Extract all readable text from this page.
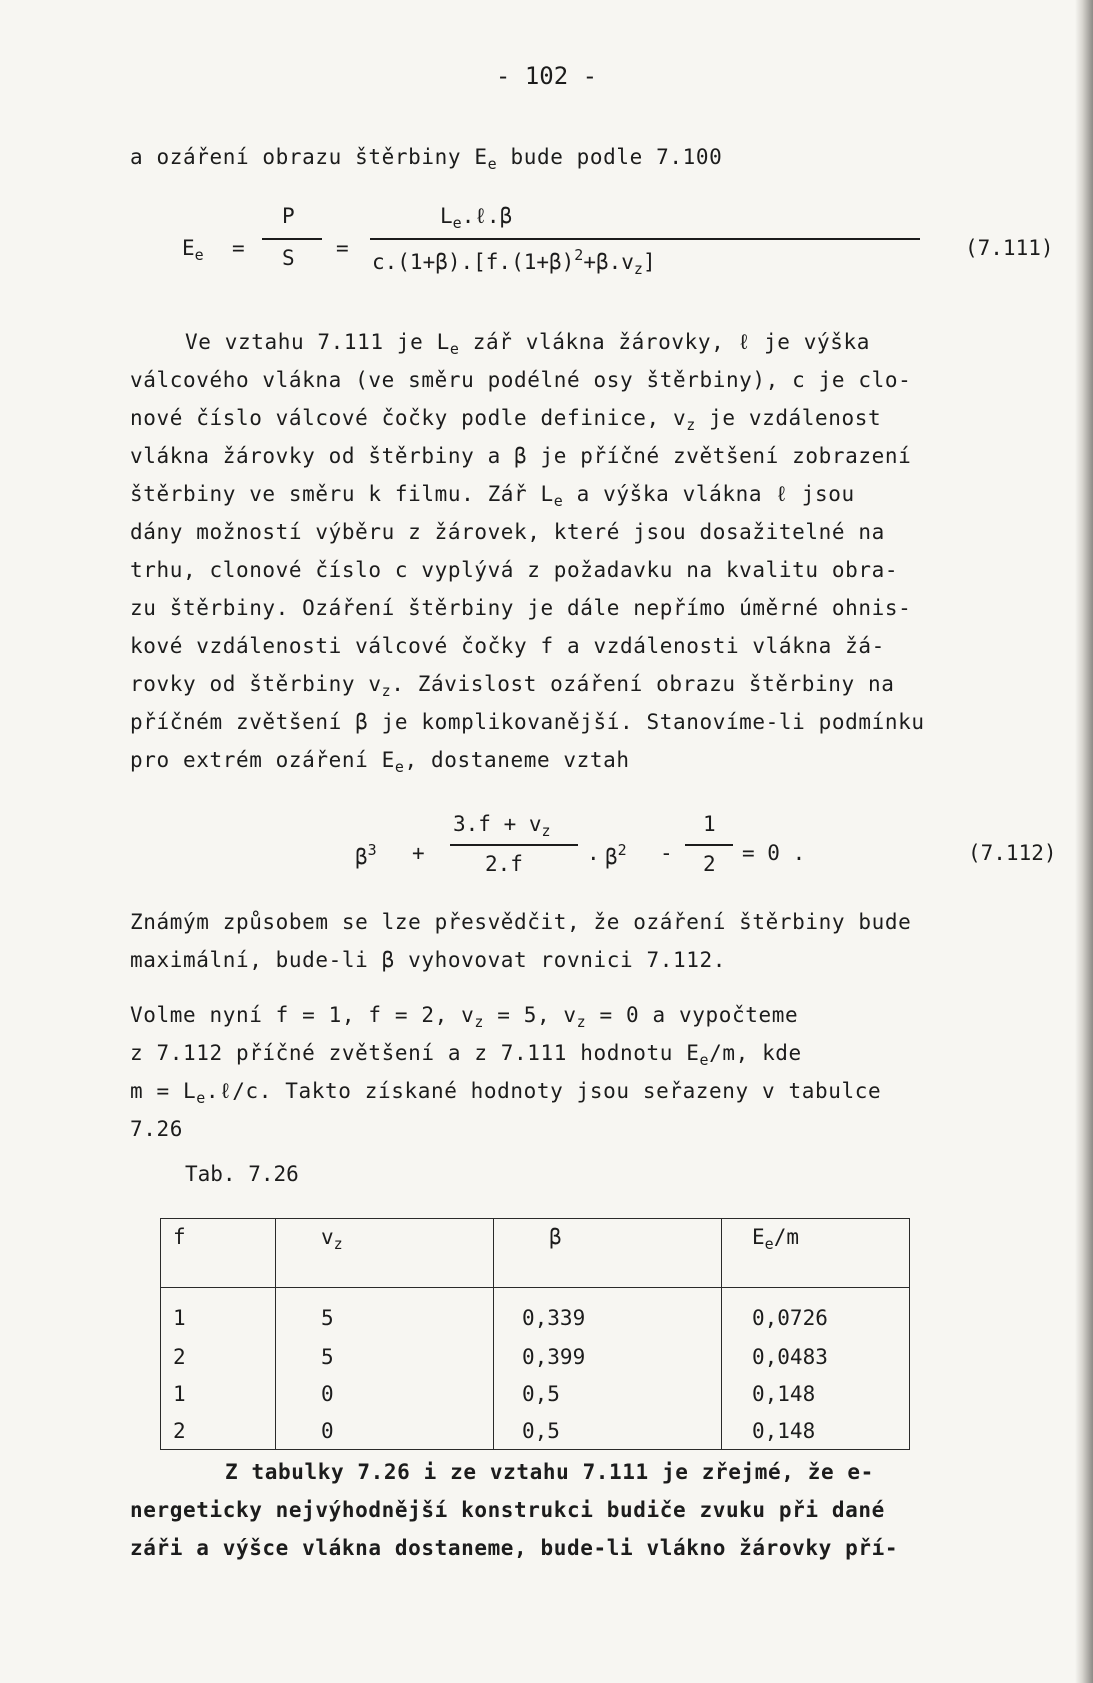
- 102 -
a ozáření obrazu štěrbiny $E_e$ bude podle 7.100
$E_e$ =
P
S =
$L_e.\ell.\beta$
$c.(1+\beta).[f.(1+\beta)^2+\beta.v_z]$
(7.111)
Ve vztahu 7.111 je $L_e$ zář vlákna žárovky, ℓ je výška
válcového vlákna (ve směru podélné osy štěrbiny), c je clo-
nové číslo válcové čočky podle definice, $v_z$ je vzdálenost
vlákna žárovky od štěrbiny a β je příčné zvětšení zobrazení
štěrbiny ve směru k filmu. Zář $L_e$ a výška vlákna ℓ jsou
dány možností výběru z žárovek, které jsou dosažitelné na
trhu, clonové číslo c vyplývá z požadavku na kvalitu obra-
zu štěrbiny. Ozáření štěrbiny je dále nepřímo úměrné ohnis-
kové vzdálenosti válcové čočky f a vzdálenosti vlákna žá-
rovky od štěrbiny $v_z$. Závislost ozáření obrazu štěrbiny na
příčném zvětšení β je komplikovanější. Stanovíme-li podmínku
pro extrém ozáření $E_e$, dostaneme vztah
$\beta^3$ +
$3.f + v_z$
2.f	. $\beta^2$ -
1
2 = 0 .	(7.112)
Známým způsobem se lze přesvědčit, že ozáření štěrbiny bude
maximální, bude-li β vyhovovat rovnici 7.112.
Volme nyní f = 1, f = 2, $v_z = 5$, $v_z = 0$ a vypočteme
z 7.112 příčné zvětšení a z 7.111 hodnotu $E_e/m$, kde
$m = L_e.\ell/c$. Takto získané hodnoty jsou seřazeny v tabulce
7.26
Tab. 7.26
f	$v_z$	β	$E_e/m$
1	5	0,339	0,0726
2	5	0,399	0,0483
1	0	0,5	0,148
2	0	0,5	0,148
Z tabulky 7.26 i ze vztahu 7.111 je zřejmé, že e-
nergeticky nejvýhodnější konstrukci budiče zvuku při dané
záři a výšce vlákna dostaneme, bude-li vlákno žárovky pří-
